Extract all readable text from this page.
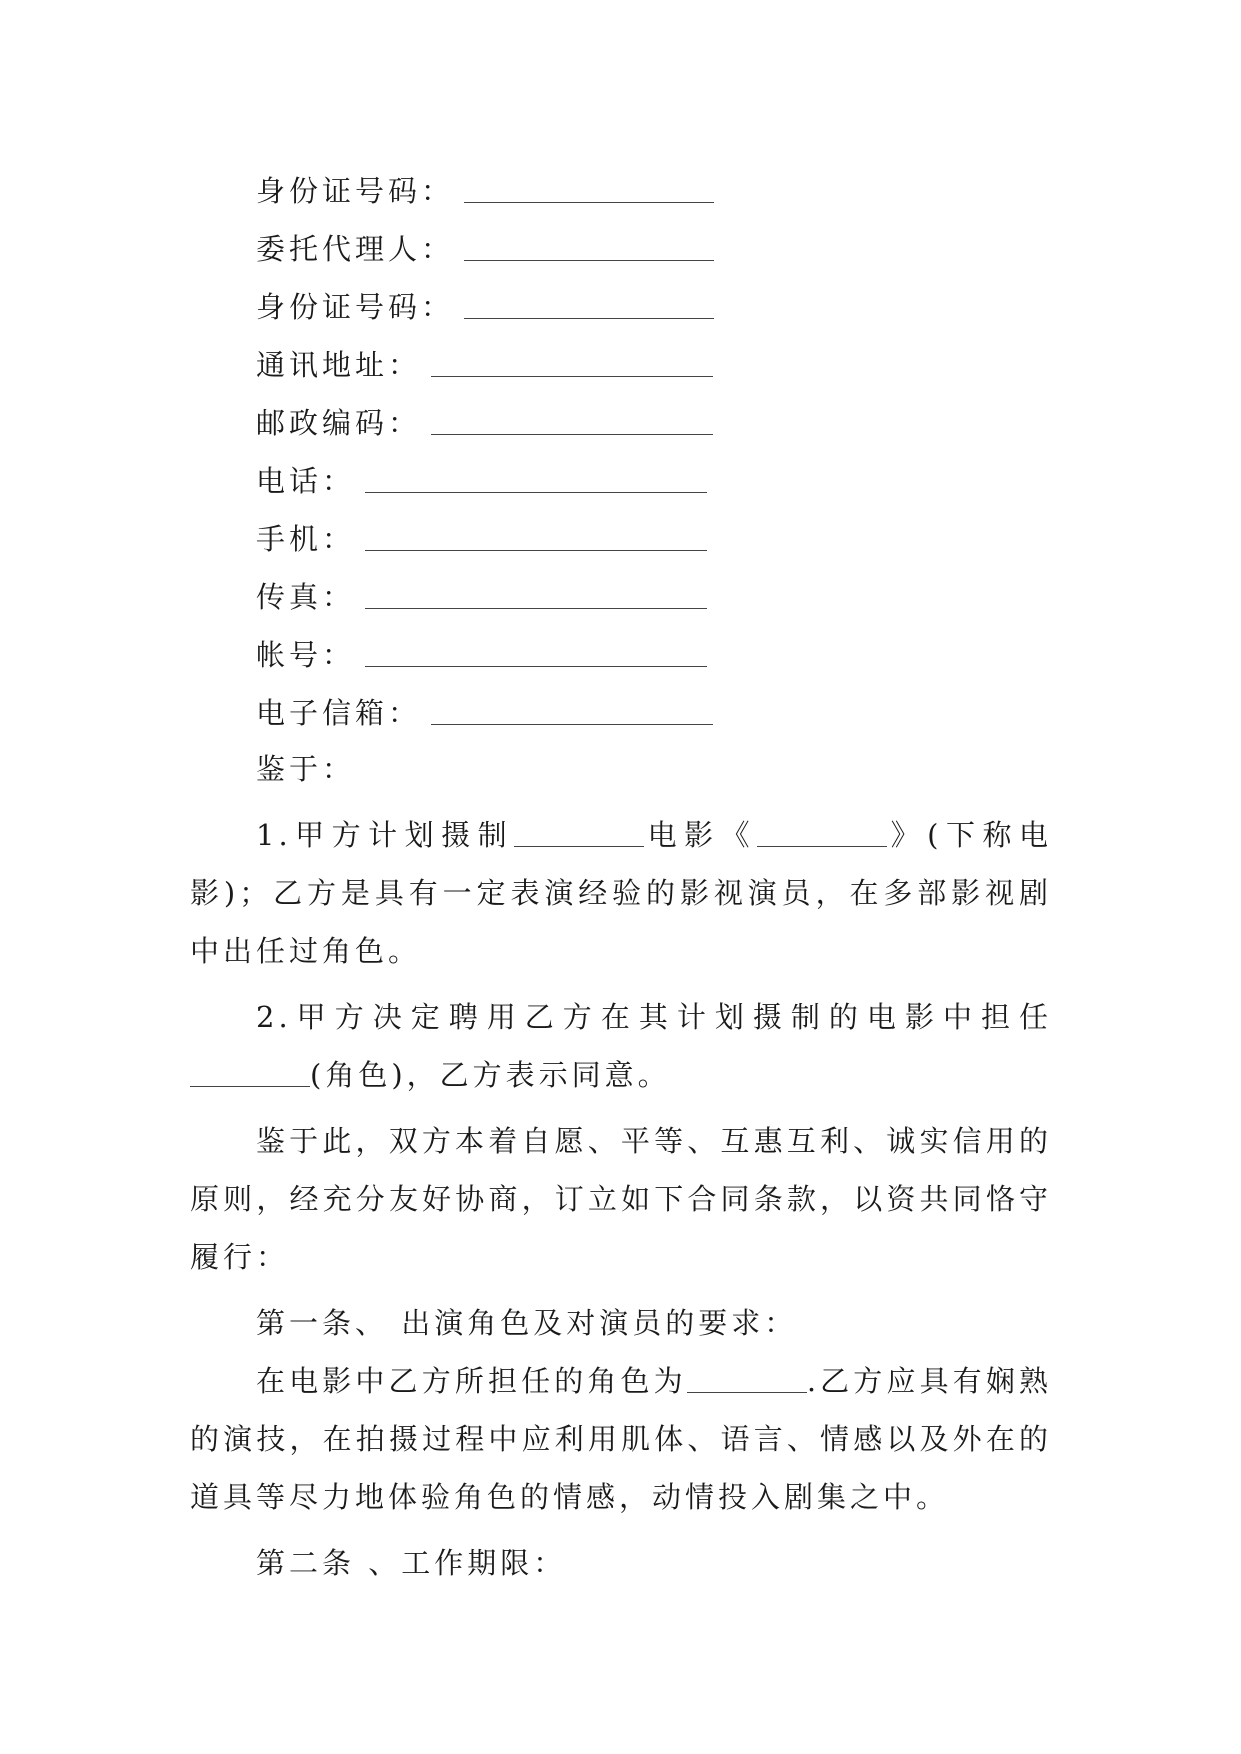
身份证号码：
委托代理人：
身份证号码：
通讯地址：
邮政编码：
电话：
手机：
传真：
帐号：
电子信箱：
鉴于：

1.甲方计划摄制	电影《	》(下称电影)；乙方是具有一定表演经验的影视演员，在多部影视剧中出任过角色。

2.甲方决定聘用乙方在其计划摄制的电影中担任(角色)，乙方表示同意。

鉴于此，双方本着自愿、平等、互惠互利、诚实信用的原则，经充分友好协商，订立如下合同条款，以资共同恪守履行：

第一条、 出演角色及对演员的要求：

在电影中乙方所担任的角色为	.乙方应具有娴熟的演技，在拍摄过程中应利用肌体、语言、情感以及外在的道具等尽力地体验角色的情感，动情投入剧集之中。

第二条 、工作期限：
